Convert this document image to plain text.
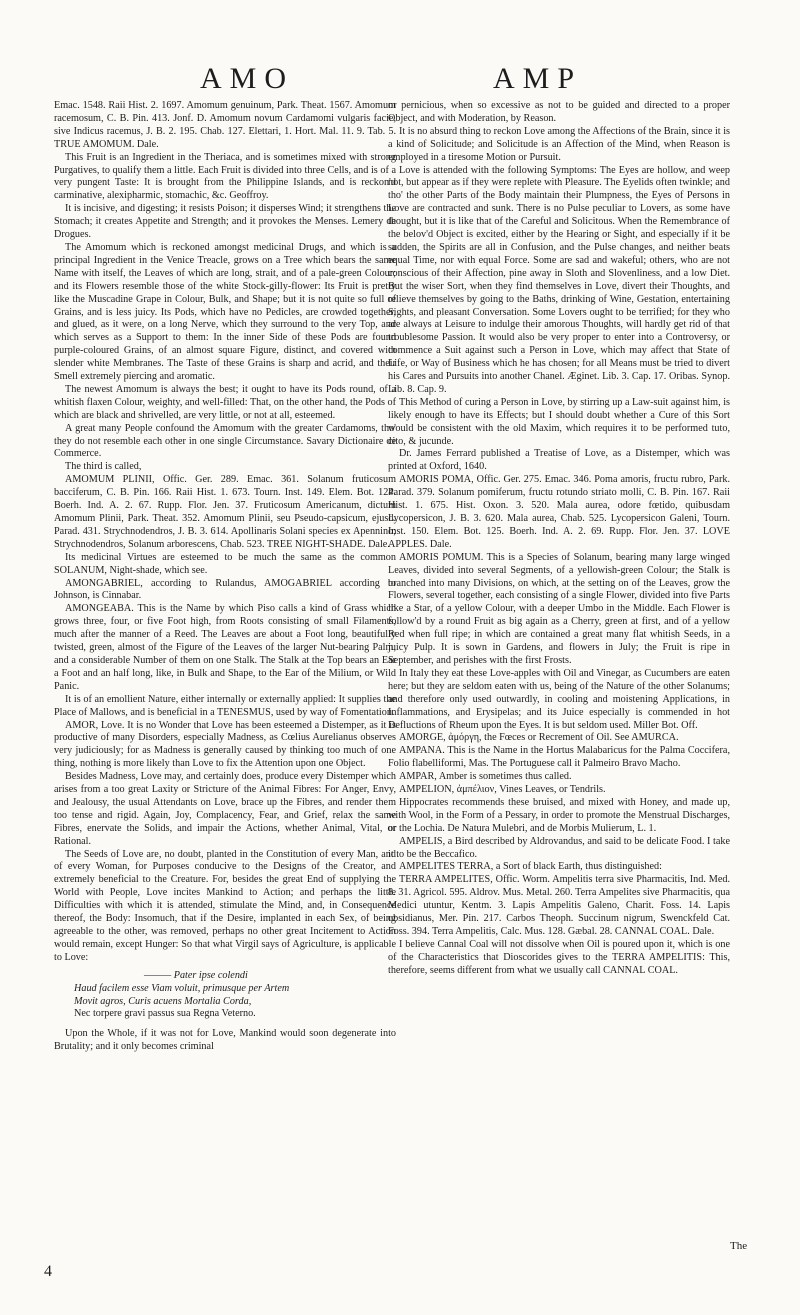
AMO	AMP

Emac. 1548. Raii Hist. 2. 1697. Amomum genuinum, Park. Theat. 1567. Amomum racemosum, C. B. Pin. 413. Jonf. D. Amomum novum Cardamomi vulgaris facie, sive Indicus racemus, J. B. 2. 195. Chab. 127. Elettari, 1. Hort. Mal. 11. 9. Tab. 5. TRUE AMOMUM. Dale.

This Fruit is an Ingredient in the Theriaca, and is sometimes mixed with strong Purgatives, to qualify them a little. Each Fruit is divided into three Cells, and is of a very pungent Taste: It is brought from the Philippine Islands, and is reckon'd carminative, alexipharmic, stomachic, &c. Geoffroy.

It is incisive, and digesting; it resists Poison; it disperses Wind; it strengthens the Stomach; it creates Appetite and Strength; and it provokes the Menses. Lemery de Drogues.

The Amomum which is reckoned amongst medicinal Drugs, and which is a principal Ingredient in the Venice Treacle, grows on a Tree which bears the same Name with itself, the Leaves of which are long, strait, and of a pale-green Colour; and its Flowers resemble those of the white Stock-gilly-flower: Its Fruit is pretty like the Muscadine Grape in Colour, Bulk, and Shape; but it is not quite so full of Grains, and is less juicy. Its Pods, which have no Pedicles, are crowded together, and glued, as it were, on a long Nerve, which they surround to the very Top, and which serves as a Support to them: In the inner Side of these Pods are found purple-coloured Grains, of an almost square Figure, distinct, and covered with slender white Membranes. The Taste of these Grains is sharp and acrid, and their Smell extremely piercing and aromatic.

The newest Amomum is always the best; it ought to have its Pods round, of a whitish flaxen Colour, weighty, and well-filled: That, on the other hand, the Pods of which are black and shrivelled, are very little, or not at all, esteemed.

A great many People confound the Amomum with the greater Cardamoms, tho' they do not resemble each other in one single Circumstance. Savary Dictionaire de Commerce.

The third is called,

AMOMUM PLINII, Offic. Ger. 289. Emac. 361. Solanum fruticosum bacciferum, C. B. Pin. 166. Raii Hist. 1. 673. Tourn. Inst. 149. Elem. Bot. 124. Boerh. Ind. A. 2. 67. Rupp. Flor. Jen. 37. Fruticosum Americanum, dictum Amomum Plinii, Park. Theat. 352. Amomum Plinii, seu Pseudo-capsicum, ejusd. Parad. 431. Strychnodendros, J. B. 3. 614. Apollinaris Solani species ex Apennino; Strychnodendros, Solanum arborescens, Chab. 523. TREE NIGHT-SHADE. Dale.

Its medicinal Virtues are esteemed to be much the same as the common SOLANUM, Night-shade, which see.

AMONGABRIEL, according to Rulandus, AMOGABRIEL according to Johnson, is Cinnabar.

AMONGEABA. This is the Name by which Piso calls a kind of Grass which grows three, four, or five Foot high, from Roots consisting of small Filaments, much after the manner of a Reed. The Leaves are about a Foot long, beautifully twisted, green, almost of the Figure of the Leaves of the larger Nut-bearing Palm, and a considerable Number of them on one Stalk. The Stalk at the Top bears an Ear a Foot and an half long, like, in Bulk and Shape, to the Ear of the Milium, or Wild Panic.

It is of an emollient Nature, either internally or externally applied: It supplies the Place of Mallows, and is beneficial in a TENESMUS, used by way of Fomentation.

AMOR, Love. It is no Wonder that Love has been esteemed a Distemper, as it is productive of many Disorders, especially Madness, as Cœlius Aurelianus observes very judiciously; for as Madness is generally caused by thinking too much of one thing, nothing is more likely than Love to fix the Attention upon one Object.

Besides Madness, Love may, and certainly does, produce every Distemper which arises from a too great Laxity or Stricture of the Animal Fibres: For Anger, Envy, and Jealousy, the usual Attendants on Love, brace up the Fibres, and render them too tense and rigid. Again, Joy, Complacency, Fear, and Grief, relax the same Fibres, enervate the Solids, and impair the Actions, whether Animal, Vital, or Rational.

The Seeds of Love are, no doubt, planted in the Constitution of every Man, and of every Woman, for Purposes conducive to the Designs of the Creator, and extremely beneficial to the Creature. For, besides the great End of supplying the World with People, Love incites Mankind to Action; and perhaps the little Difficulties with which it is attended, stimulate the Mind, and, in Consequence thereof, the Body: Insomuch, that if the Desire, implanted in each Sex, of being agreeable to the other, was removed, perhaps no other great Incitement to Action would remain, except Hunger: So that what Virgil says of Agriculture, is applicable to Love:

——— Pater ipse colendi
Haud facilem esse Viam voluit, primusque per Artem
Movit agros, Curis acuens Mortalia Corda,
Nec torpere gravi passus sua Regna Veterno.

Upon the Whole, if it was not for Love, Mankind would soon degenerate into Brutality; and it only becomes criminal

or pernicious, when so excessive as not to be guided and directed to a proper Object, and with Moderation, by Reason.

It is no absurd thing to reckon Love among the Affections of the Brain, since it is a kind of Solicitude; and Solicitude is an Affection of the Mind, when Reason is employed in a tiresome Motion or Pursuit.

Love is attended with the following Symptoms: The Eyes are hollow, and weep not, but appear as if they were replete with Pleasure. The Eyelids often twinkle; and tho' the other Parts of the Body maintain their Plumpness, the Eyes of Persons in Love are contracted and sunk. There is no Pulse peculiar to Lovers, as some have thought, but it is like that of the Careful and Solicitous. When the Remembrance of the belov'd Object is excited, either by the Hearing or Sight, and especially if it be sudden, the Spirits are all in Confusion, and the Pulse changes, and neither beats equal Time, nor with equal Force. Some are sad and wakeful; others, who are not conscious of their Affection, pine away in Sloth and Slovenliness, and a low Diet. But the wiser Sort, when they find themselves in Love, divert their Thoughts, and relieve themselves by going to the Baths, drinking of Wine, Gestation, entertaining Sights, and pleasant Conversation. Some Lovers ought to be terrified; for they who are always at Leisure to indulge their amorous Thoughts, will hardly get rid of that troublesome Passion. It would also be very proper to enter into a Controversy, or commence a Suit against such a Person in Love, which may affect that State of Life, or Way of Business which he has chosen; for all Means must be tried to divert his Cares and Pursuits into another Chanel. Æginet. Lib. 3. Cap. 17. Oribas. Synop. Lib. 8. Cap. 9.

This Method of curing a Person in Love, by stirring up a Law-suit against him, is likely enough to have its Effects; but I should doubt whether a Cure of this Sort would be consistent with the old Maxim, which requires it to be performed tuto, cito, & jucunde.

Dr. James Ferrard published a Treatise of Love, as a Distemper, which was printed at Oxford, 1640.

AMORIS POMA, Offic. Ger. 275. Emac. 346. Poma amoris, fructu rubro, Park. Parad. 379. Solanum pomiferum, fructu rotundo striato molli, C. B. Pin. 167. Raii Hist. 1. 675. Hist. Oxon. 3. 520. Mala aurea, odore fœtido, quibusdam Lycopersicon, J. B. 3. 620. Mala aurea, Chab. 525. Lycopersicon Galeni, Tourn. Inst. 150. Elem. Bot. 125. Boerh. Ind. A. 2. 69. Rupp. Flor. Jen. 37. LOVE APPLES. Dale.

AMORIS POMUM. This is a Species of Solanum, bearing many large winged Leaves, divided into several Segments, of a yellowish-green Colour; the Stalk is branched into many Divisions, on which, at the setting on of the Leaves, grow the Flowers, several together, each consisting of a single Flower, divided into five Parts like a Star, of a yellow Colour, with a deeper Umbo in the Middle. Each Flower is follow'd by a round Fruit as big again as a Cherry, green at first, and of a yellow Red when full ripe; in which are contained a great many flat whitish Seeds, in a juicy Pulp. It is sown in Gardens, and flowers in July; the Fruit is ripe in September, and perishes with the first Frosts.

In Italy they eat these Love-apples with Oil and Vinegar, as Cucumbers are eaten here; but they are seldom eaten with us, being of the Nature of the other Solanums; and therefore only used outwardly, in cooling and moistening Applications, in Inflammations, and Erysipelas; and its Juice especially is commended in hot Defluctions of Rheum upon the Eyes. It is but seldom used. Miller Bot. Off.

AMORGE, ἀμόργη, the Fœces or Recrement of Oil. See AMURCA.

AMPANA. This is the Name in the Hortus Malabaricus for the Palma Coccifera, Folio flabelliformi, Mas. The Portuguese call it Palmeiro Bravo Macho.

AMPAR, Amber is sometimes thus called.

AMPELION, ἀμπέλιον, Vines Leaves, or Tendrils.

Hippocrates recommends these bruised, and mixed with Honey, and made up, with Wool, in the Form of a Pessary, in order to promote the Menstrual Discharges, or the Lochia. De Natura Mulebri, and de Morbis Mulierum, L. 1.

AMPELIS, a Bird described by Aldrovandus, and said to be delicate Food. I take it to be the Beccafico.

AMPELITES TERRA, a Sort of black Earth, thus distinguished:

TERRA AMPELITES, Offic. Worm. Ampelitis terra sive Pharmacitis, Ind. Med. 8. 31. Agricol. 595. Aldrov. Mus. Metal. 260. Terra Ampelites sive Pharmacitis, qua Medici utuntur, Kentm. 3. Lapis Ampelitis Galeno, Charit. Foss. 14. Lapis obsidianus, Mer. Pin. 217. Carbos Theoph. Succinum nigrum, Swenckfeld Cat. Foss. 394. Terra Ampelitis, Calc. Mus. 128. Gæbal. 28. CANNAL COAL. Dale.

I believe Cannal Coal will not dissolve when Oil is poured upon it, which is one of the Characteristics that Dioscorides gives to the TERRA AMPELITIS: This, therefore, seems different from what we usually call CANNAL COAL.

4
The
